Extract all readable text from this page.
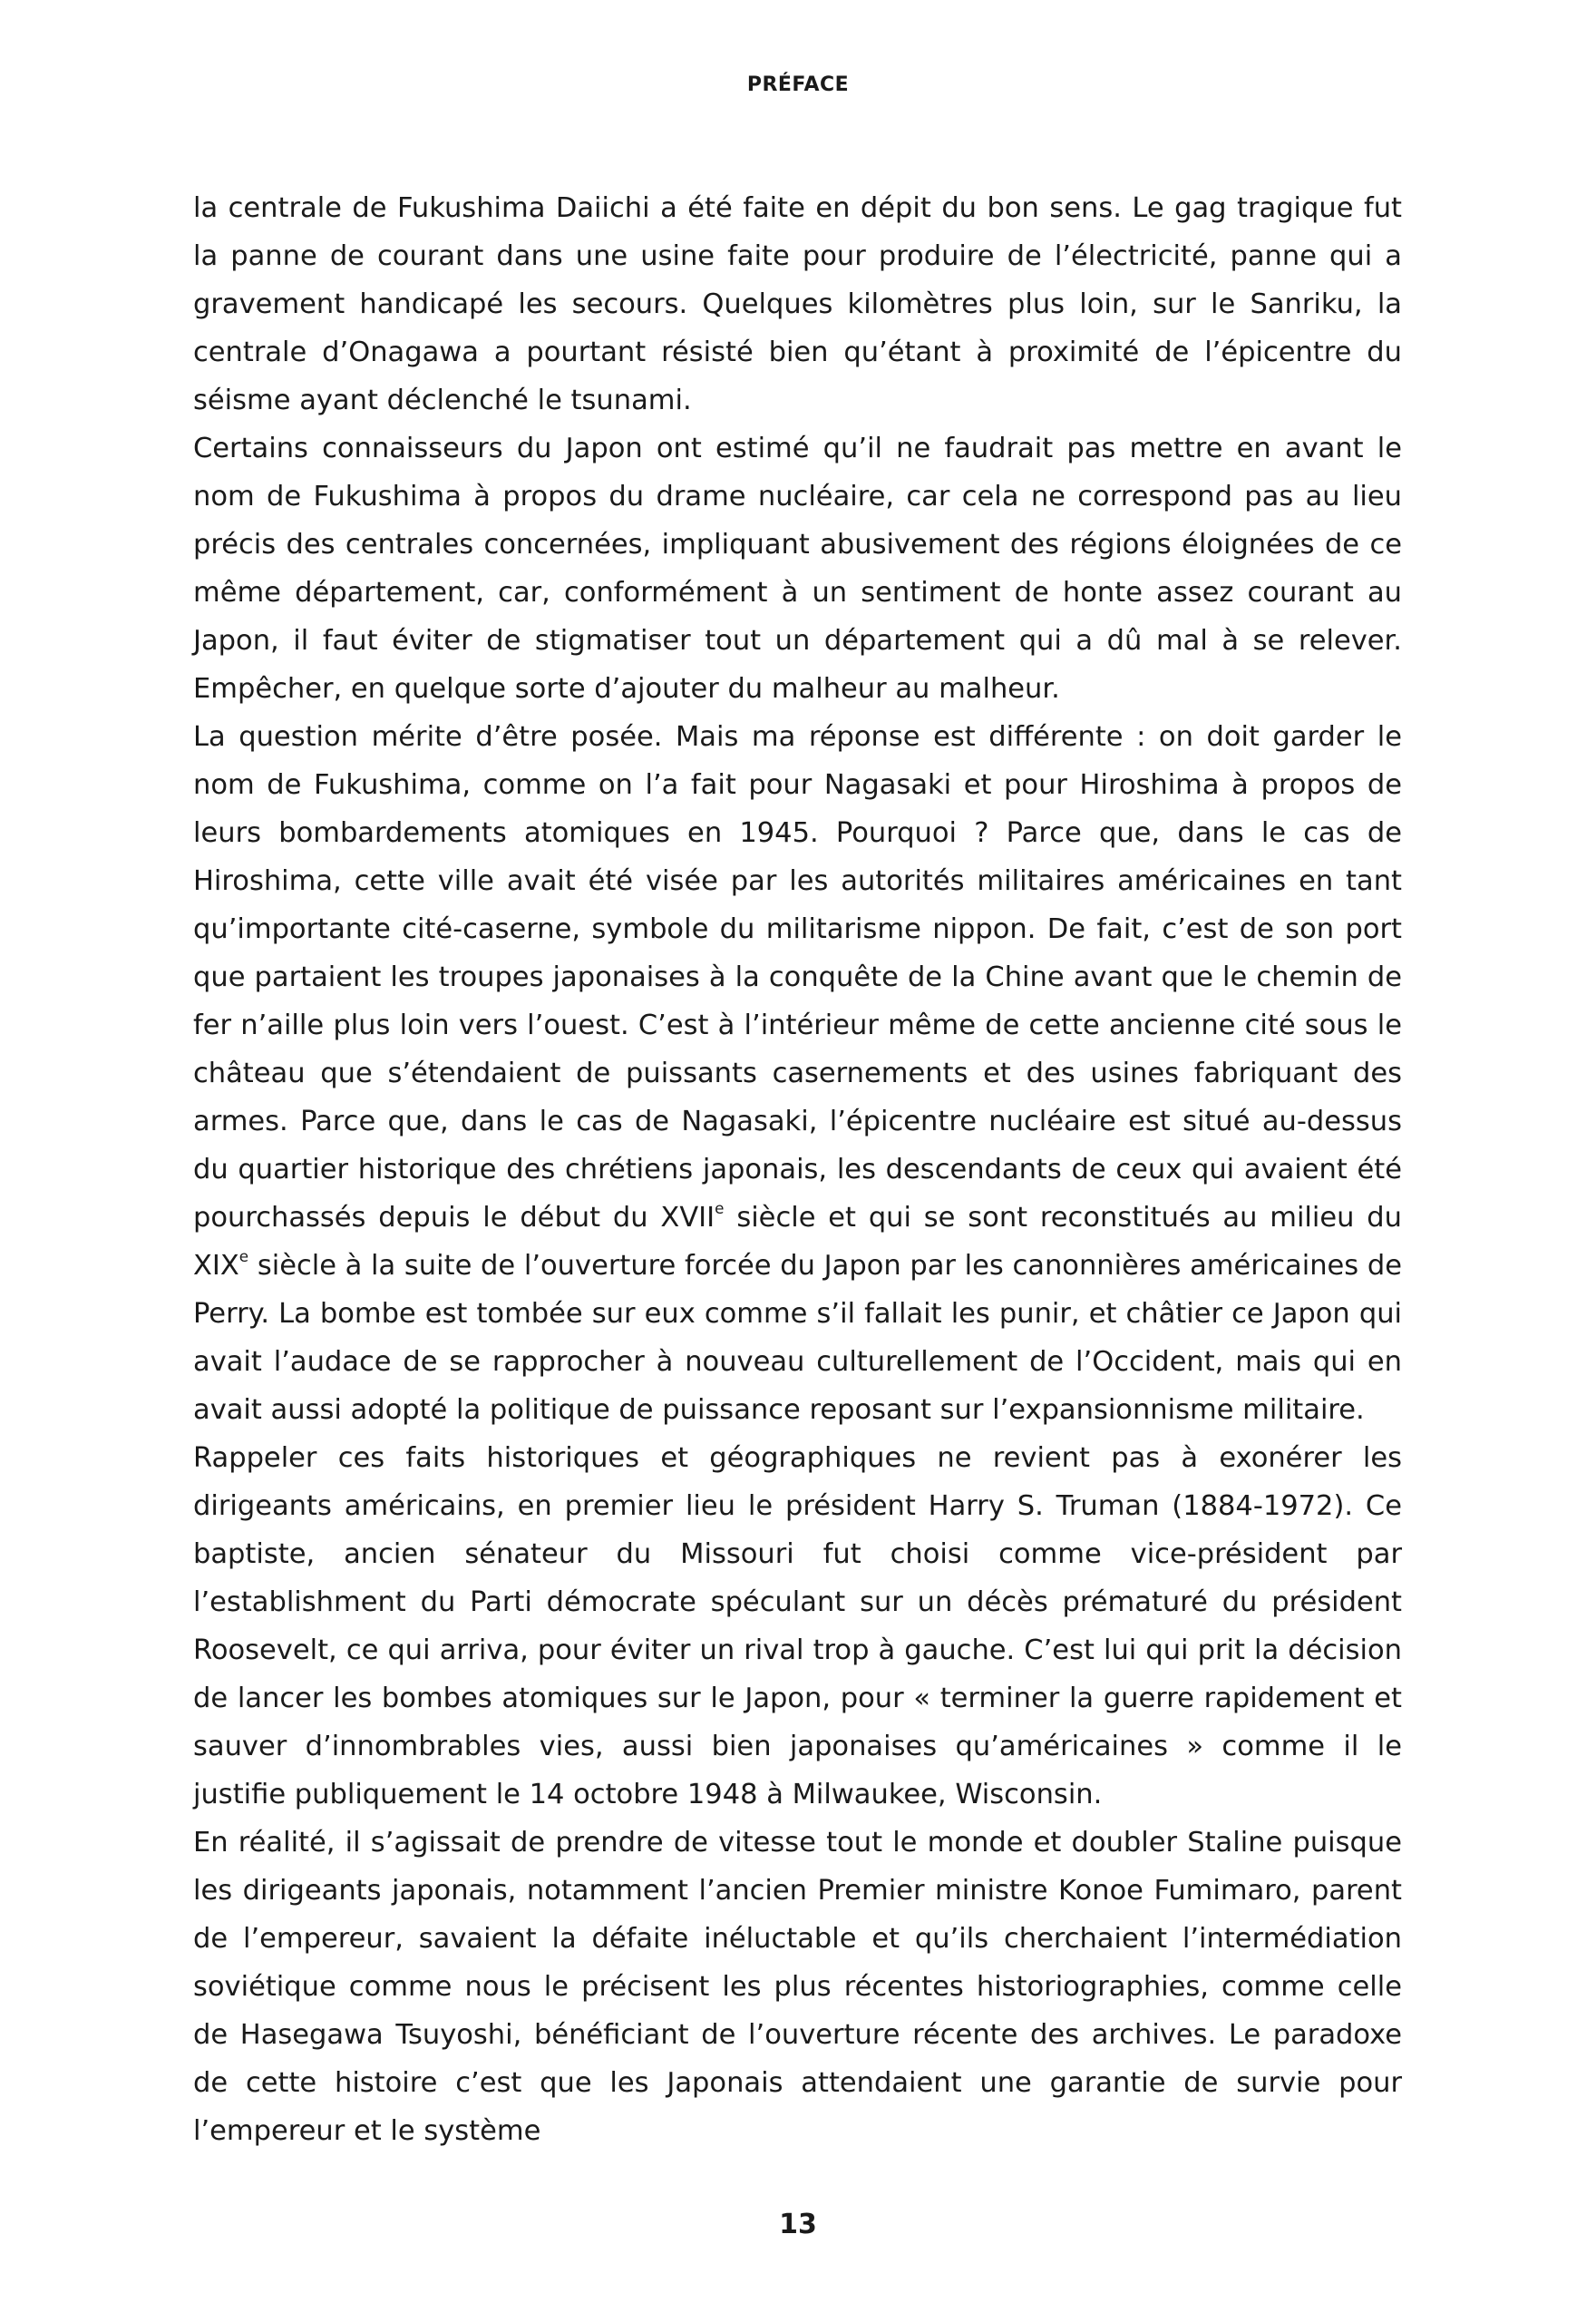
PRÉFACE

la centrale de Fukushima Daiichi a été faite en dépit du bon sens. Le gag tragique fut la panne de courant dans une usine faite pour produire de l’électricité, panne qui a gravement handicapé les secours. Quelques kilomètres plus loin, sur le Sanriku, la centrale d’Onagawa a pourtant résisté bien qu’étant à proximité de l’épicentre du séisme ayant déclenché le tsunami.

Certains connaisseurs du Japon ont estimé qu’il ne faudrait pas mettre en avant le nom de Fukushima à propos du drame nucléaire, car cela ne correspond pas au lieu précis des centrales concernées, impliquant abusivement des régions éloignées de ce même département, car, conformément à un sentiment de honte assez courant au Japon, il faut éviter de stigmatiser tout un département qui a dû mal à se relever. Empêcher, en quelque sorte d’ajouter du malheur au malheur.

La question mérite d’être posée. Mais ma réponse est différente : on doit garder le nom de Fukushima, comme on l’a fait pour Nagasaki et pour Hiroshima à propos de leurs bombardements atomiques en 1945. Pourquoi ? Parce que, dans le cas de Hiroshima, cette ville avait été visée par les autorités militaires américaines en tant qu’importante cité-caserne, symbole du militarisme nippon. De fait, c’est de son port que partaient les troupes japonaises à la conquête de la Chine avant que le chemin de fer n’aille plus loin vers l’ouest. C’est à l’intérieur même de cette ancienne cité sous le château que s’étendaient de puissants casernements et des usines fabriquant des armes. Parce que, dans le cas de Nagasaki, l’épicentre nucléaire est situé au-dessus du quartier historique des chrétiens japonais, les descendants de ceux qui avaient été pourchassés depuis le début du XVIIe siècle et qui se sont reconstitués au milieu du XIXe siècle à la suite de l’ouverture forcée du Japon par les canonnières américaines de Perry. La bombe est tombée sur eux comme s’il fallait les punir, et châtier ce Japon qui avait l’audace de se rapprocher à nouveau culturellement de l’Occident, mais qui en avait aussi adopté la politique de puissance reposant sur l’expansionnisme militaire.

Rappeler ces faits historiques et géographiques ne revient pas à exonérer les dirigeants américains, en premier lieu le président Harry S. Truman (1884-1972). Ce baptiste, ancien sénateur du Missouri fut choisi comme vice-président par l’establishment du Parti démocrate spéculant sur un décès prématuré du président Roosevelt, ce qui arriva, pour éviter un rival trop à gauche. C’est lui qui prit la décision de lancer les bombes atomiques sur le Japon, pour « terminer la guerre rapidement et sauver d’innombrables vies, aussi bien japonaises qu’américaines » comme il le justifie publiquement le 14 octobre 1948 à Milwaukee, Wisconsin.

En réalité, il s’agissait de prendre de vitesse tout le monde et doubler Staline puisque les dirigeants japonais, notamment l’ancien Premier ministre Konoe Fumimaro, parent de l’empereur, savaient la défaite inéluctable et qu’ils cherchaient l’intermédiation soviétique comme nous le précisent les plus récentes historiographies, comme celle de Hasegawa Tsuyoshi, bénéficiant de l’ouverture récente des archives. Le paradoxe de cette histoire c’est que les Japonais attendaient une garantie de survie pour l’empereur et le système

13
